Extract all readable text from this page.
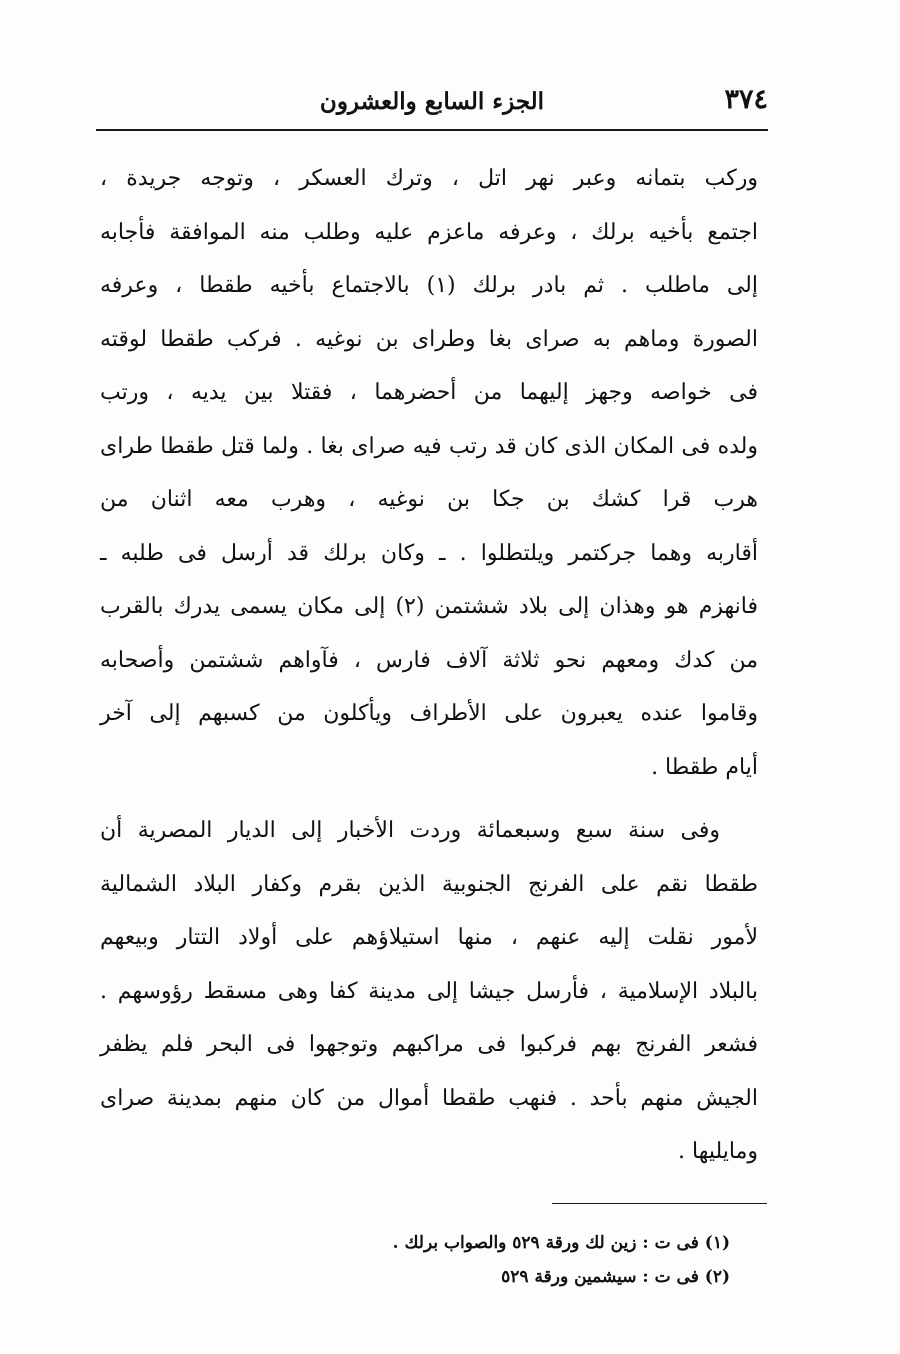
٣٧٤
الجزء السابع والعشرون

وركب بتمانه وعبر نهر اتل ، وترك العسكر ، وتوجه جريدة ،
اجتمع بأخيه برلك ، وعرفه ماعزم عليه وطلب منه الموافقة فأجابه
إلى ماطلب . ثم بادر برلك (١) بالاجتماع بأخيه طقطا ، وعرفه
الصورة وماهم به صراى بغا وطراى بن نوغيه . فركب طقطا لوقته
فى خواصه وجهز إليهما من أحضرهما ، فقتلا بين يديه ، ورتب
ولده فى المكان الذى كان قد رتب فيه صراى بغا . ولما قتل طقطا طراى
هرب قرا كشك بن جكا بن نوغيه ، وهرب معه اثنان من
أقاربه وهما جركتمر ويلتطلوا . ـ وكان برلك قد أرسل فى طلبه ـ
فانهزم هو وهذان إلى بلاد ششتمن (٢) إلى مكان يسمى يدرك بالقرب
من كدك ومعهم نحو ثلاثة آلاف فارس ، فآواهم ششتمن وأصحابه
وقاموا عنده يعبرون على الأطراف ويأكلون من كسبهم إلى آخر
أيام طقطا .

وفى سنة سبع وسبعمائة وردت الأخبار إلى الديار المصرية أن
طقطا نقم على الفرنج الجنوبية الذين بقرم وكفار البلاد الشمالية
لأمور نقلت إليه عنهم ، منها استيلاؤهم على أولاد التتار وبيعهم
بالبلاد الإسلامية ، فأرسل جيشا إلى مدينة كفا وهى مسقط رؤوسهم .
فشعر الفرنج بهم فركبوا فى مراكبهم وتوجهوا فى البحر فلم يظفر
الجيش منهم بأحد . فنهب طقطا أموال من كان منهم بمدينة صراى
ومايليها .

(١) فى ت : زين لك ورقة ٥٢٩ والصواب برلك .
(٢) فى ت : سيشمين ورقة ٥٢٩
